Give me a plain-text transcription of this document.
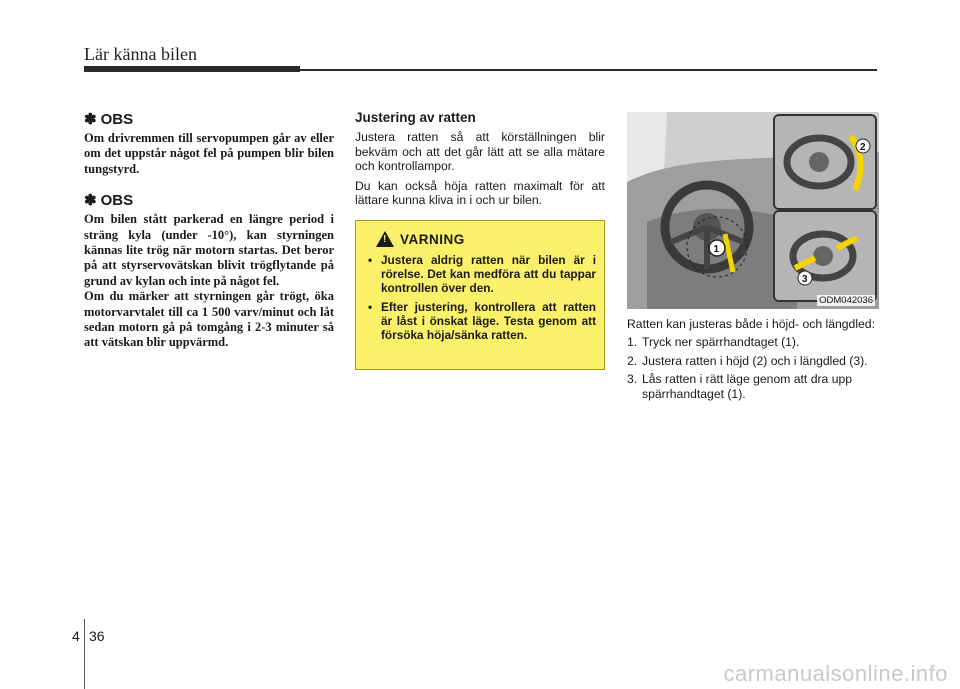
Lär känna bilen
✽ OBS

Om drivremmen till servopumpen går av eller om det uppstår något fel på pumpen blir bilen tungstyrd.

✽ OBS

Om bilen stått parkerad en längre period i sträng kyla (under -10°), kan styrningen kännas lite trög när motorn startas. Det beror på att styrservovätskan blivit trögflytande på grund av kylan och inte på något fel.

Om du märker att styrningen går trögt, öka motorvarvtalet till ca 1 500 varv/minut och låt sedan motorn gå på tomgång i 2-3 minuter så att vätskan blir uppvärmd.

Justering av ratten

Justera ratten så att körställningen blir bekväm och att det går lätt att se alla mätare och kontrollampor.

Du kan också höja ratten maximalt för att lättare kunna kliva in i och ur bilen.

! VARNING
• Justera aldrig ratten när bilen är i rörelse. Det kan medföra att du tappar kontrollen över den.
• Efter justering, kontrollera att ratten är låst i önskat läge. Testa genom att försöka höja/sänka ratten.
1
2
3
ODM042036

Ratten kan justeras både i höjd- och längdled:

1. Tryck ner spärrhandtaget (1).
2. Justera ratten i höjd (2) och i längdled (3).
3. Lås ratten i rätt läge genom att dra upp spärrhandtaget (1).
4 36
carmanualsonline.info
